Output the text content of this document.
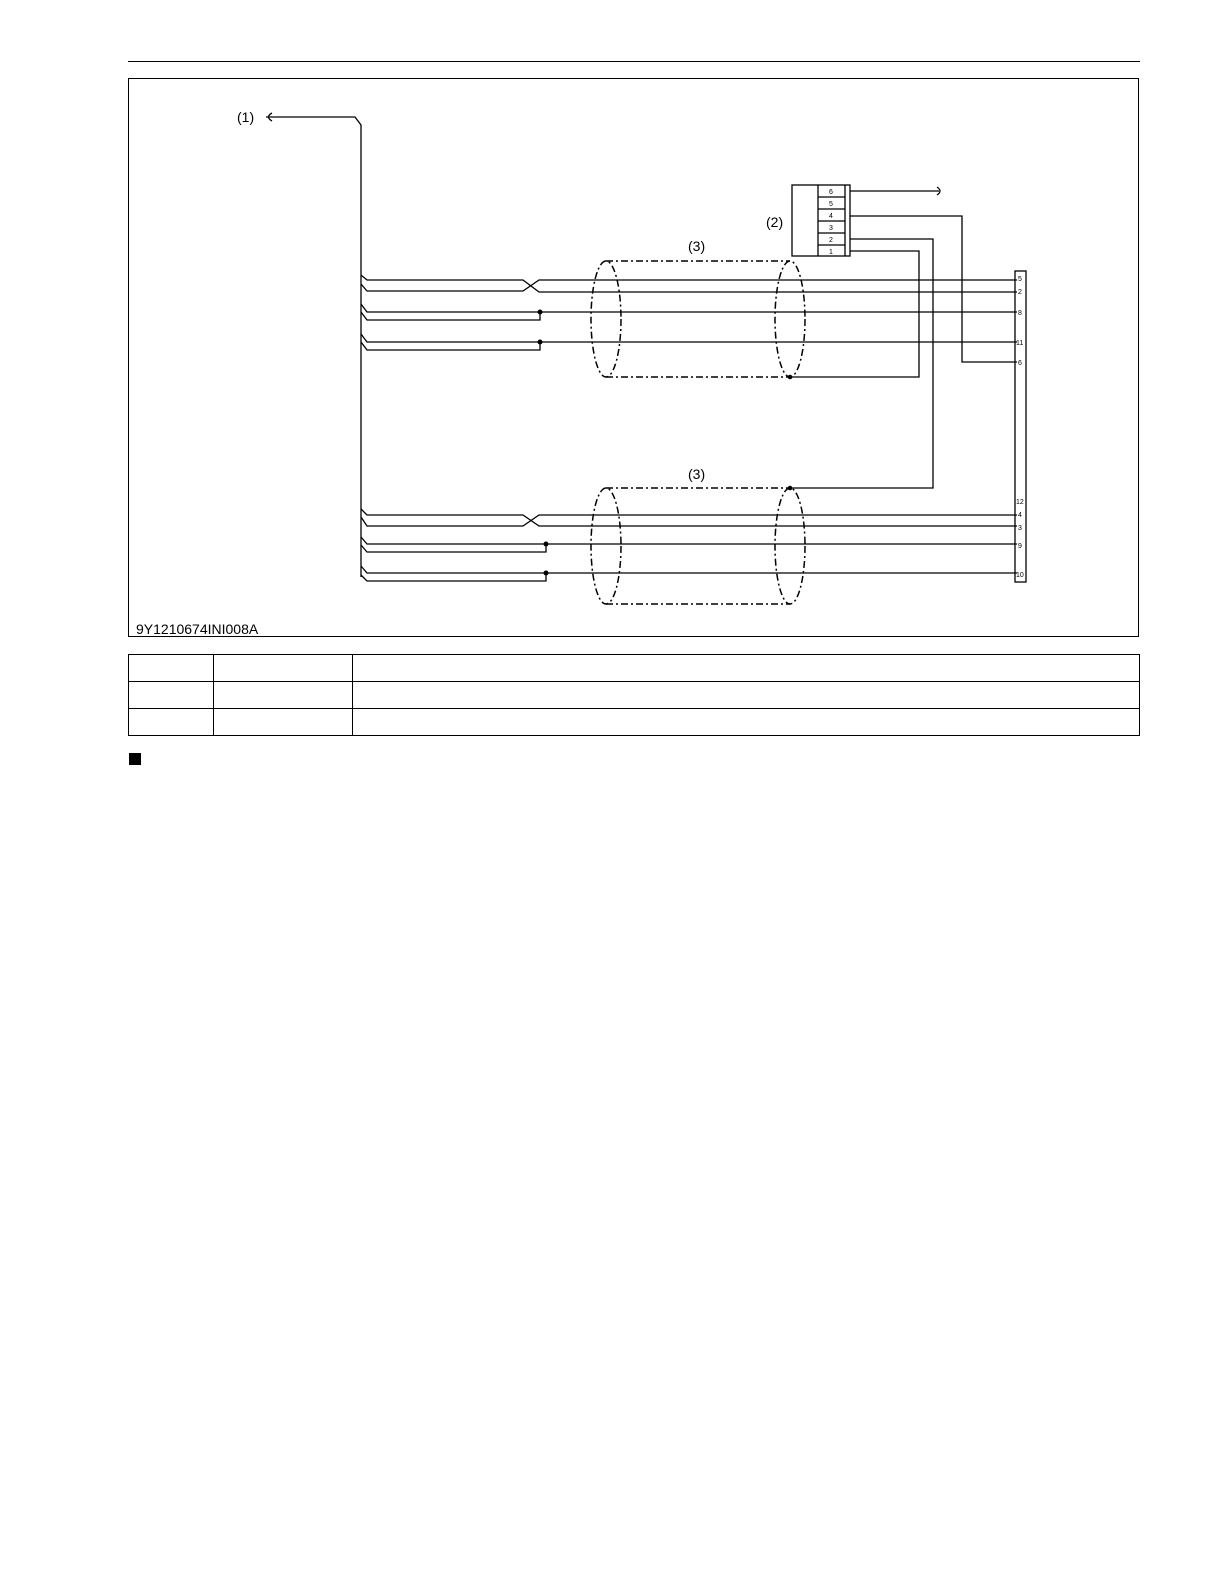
(1)
(2)
(3)
(3)
6
5
4
3
2
1
5
2
8
11
6
12
4
3
9
10
9Y1210674INI008A
